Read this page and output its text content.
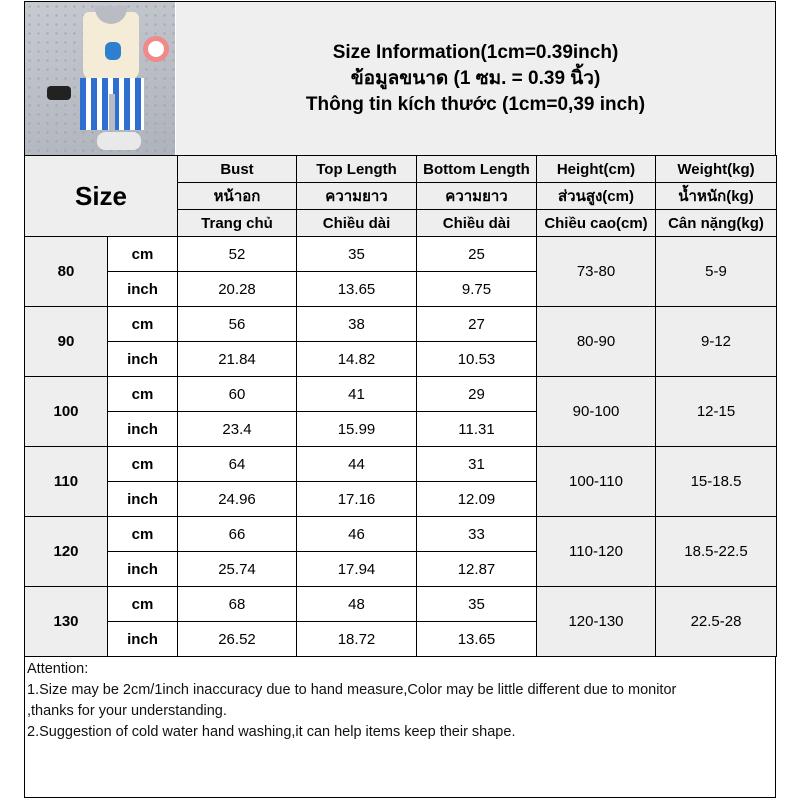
Size Information(1cm=0.39inch)
ข้อมูลขนาด (1 ซม. = 0.39 นิ้ว)
Thông tin kích thước (1cm=0,39 inch)
Size		Bust	Top Length	Bottom Length	Height(cm)	Weight(kg)
		หน้าอก	ความยาว	ความยาว	ส่วนสูง(cm)	น้ำหนัก(kg)
		Trang chủ	Chiều dài	Chiều dài	Chiều cao(cm)	Cân nặng(kg)
80	cm	52	35	25	73-80	5-9
	inch	20.28	13.65	9.75		
90	cm	56	38	27	80-90	9-12
	inch	21.84	14.82	10.53		
100	cm	60	41	29	90-100	12-15
	inch	23.4	15.99	11.31		
110	cm	64	44	31	100-110	15-18.5
	inch	24.96	17.16	12.09		
120	cm	66	46	33	110-120	18.5-22.5
	inch	25.74	17.94	12.87		
130	cm	68	48	35	120-130	22.5-28
	inch	26.52	18.72	13.65		
Attention:
1.Size may be 2cm/1inch inaccuracy due to hand measure,Color may be little different due to monitor
,thanks for your understanding.
2.Suggestion of cold water hand washing,it can help items keep their shape.
